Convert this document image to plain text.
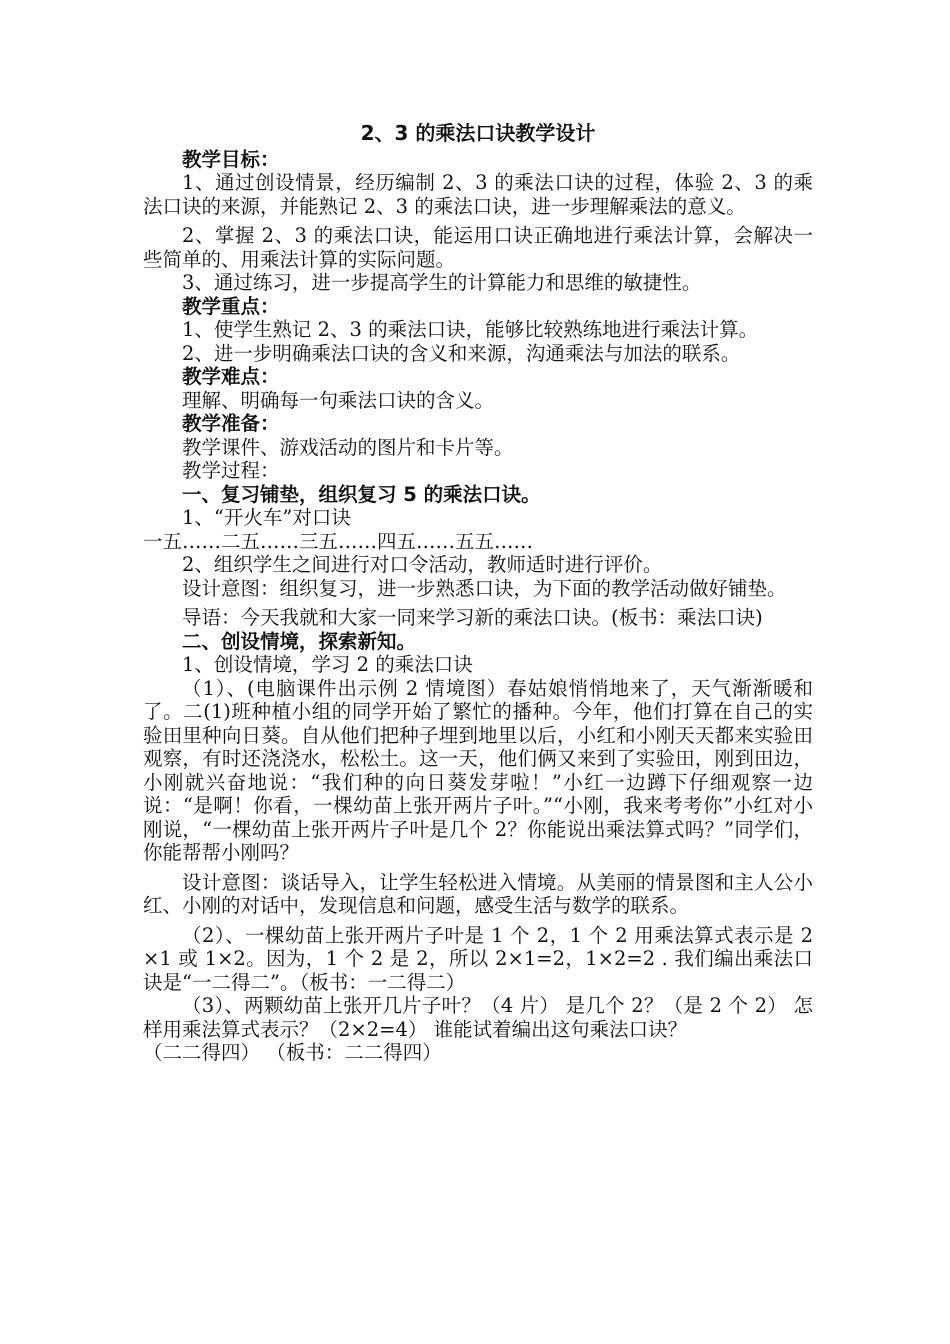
2、3 的乘法口诀教学设计

教学目标：

1、通过创设情景，经历编制 2、3 的乘法口诀的过程，体验 2、3 的乘法口诀的来源，并能熟记 2、3 的乘法口诀，进一步理解乘法的意义。

2、掌握 2、3 的乘法口诀，能运用口诀正确地进行乘法计算，会解决一些简单的、用乘法计算的实际问题。

3、通过练习，进一步提高学生的计算能力和思维的敏捷性。

教学重点：

1、使学生熟记 2、3 的乘法口诀，能够比较熟练地进行乘法计算。

2、进一步明确乘法口诀的含义和来源，沟通乘法与加法的联系。

教学难点：

理解、明确每一句乘法口诀的含义。

教学准备：

教学课件、游戏活动的图片和卡片等。

教学过程：

一、复习铺垫，组织复习 5 的乘法口诀。

1、“开火车”对口诀

一五……二五……三五……四五……五五……

2、组织学生之间进行对口令活动，教师适时进行评价。

设计意图：组织复习，进一步熟悉口诀，为下面的教学活动做好铺垫。

导语：今天我就和大家一同来学习新的乘法口诀。(板书：乘法口诀)

二、创设情境，探索新知。

1、创设情境，学习 2 的乘法口诀

（1）、(电脑课件出示例 2 情境图）春姑娘悄悄地来了，天气渐渐暖和了。二(1)班种植小组的同学开始了繁忙的播种。今年，他们打算在自己的实验田里种向日葵。自从他们把种子埋到地里以后，小红和小刚天天都来实验田观察，有时还浇浇水，松松土。这一天，他们俩又来到了实验田，刚到田边，小刚就兴奋地说：“我们种的向日葵发芽啦！”小红一边蹲下仔细观察一边说：“是啊！你看，一棵幼苗上张开两片子叶。”“小刚，我来考考你”小红对小刚说，“一棵幼苗上张开两片子叶是几个 2？你能说出乘法算式吗？”同学们，你能帮帮小刚吗？

设计意图：谈话导入，让学生轻松进入情境。从美丽的情景图和主人公小红、小刚的对话中，发现信息和问题，感受生活与数学的联系。

（2）、一棵幼苗上张开两片子叶是 1 个 2，1 个 2 用乘法算式表示是 2×1 或 1×2。因为，1 个 2 是 2，所以 2×1=2，1×2=2 . 我们编出乘法口诀是“一二得二”。（板书：一二得二）

（3）、两颗幼苗上张开几片子叶？（4 片） 是几个 2？（是 2 个 2） 怎样用乘法算式表示？（2×2=4） 谁能试着编出这句乘法口诀？

（二二得四） （板书：二二得四）
